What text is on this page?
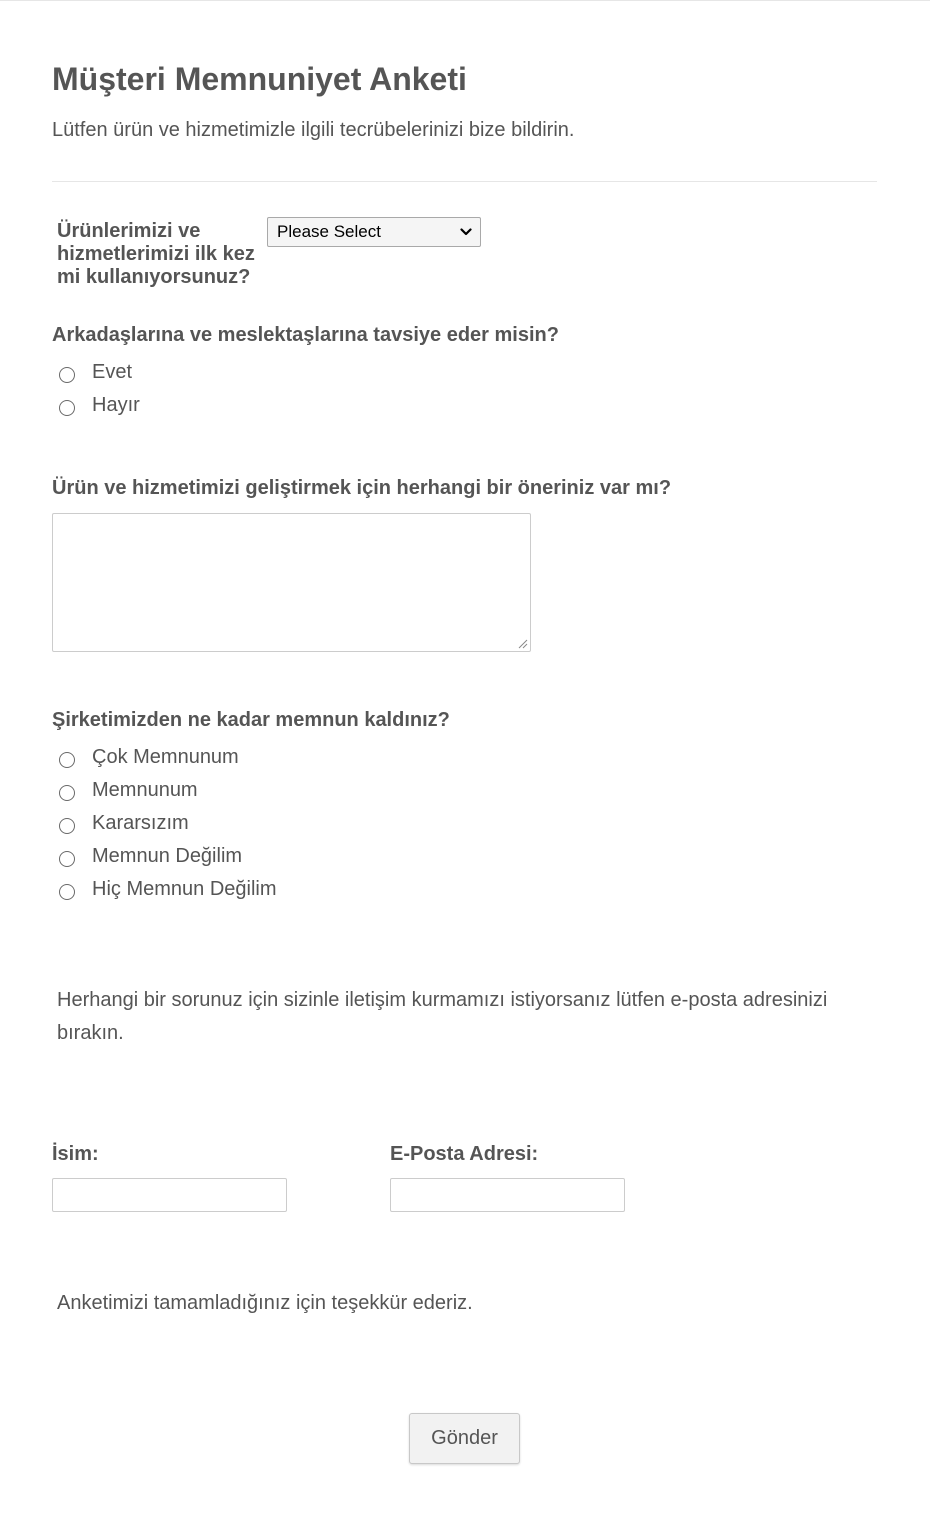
Müşteri Memnuniyet Anketi
Lütfen ürün ve hizmetimizle ilgili tecrübelerinizi bize bildirin.
Ürünlerimizi ve hizmetlerimizi ilk kez mi kullanıyorsunuz?
Please Select
Arkadaşlarına ve meslektaşlarına tavsiye eder misin?
Evet
Hayır
Ürün ve hizmetimizi geliştirmek için herhangi bir öneriniz var mı?
Şirketimizden ne kadar memnun kaldınız?
Çok Memnunum
Memnunum
Kararsızım
Memnun Değilim
Hiç Memnun Değilim
Herhangi bir sorunuz için sizinle iletişim kurmamızı istiyorsanız lütfen e-posta adresinizi bırakın.
İsim:	E-Posta Adresi:
Anketimizi tamamladığınız için teşekkür ederiz.
Gönder
